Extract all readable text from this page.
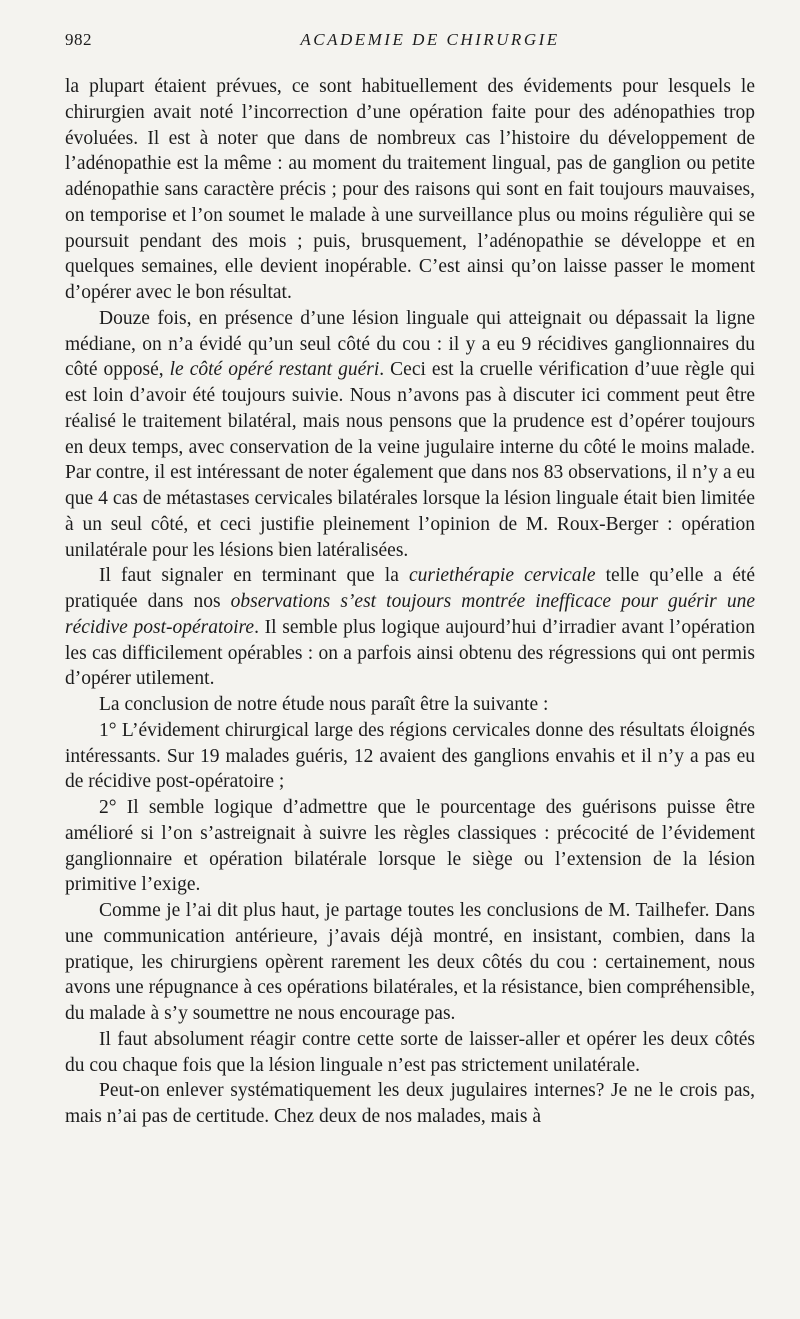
982	ACADEMIE DE CHIRURGIE

la plupart étaient prévues, ce sont habituellement des évidements pour lesquels le chirurgien avait noté l’incorrection d’une opération faite pour des adénopathies trop évoluées. Il est à noter que dans de nombreux cas l’histoire du développement de l’adénopathie est la même : au moment du traitement lingual, pas de ganglion ou petite adénopathie sans caractère précis ; pour des raisons qui sont en fait toujours mauvaises, on temporise et l’on soumet le malade à une surveillance plus ou moins régulière qui se poursuit pendant des mois ; puis, brusquement, l’adénopathie se développe et en quelques semaines, elle devient inopérable. C’est ainsi qu’on laisse passer le moment d’opérer avec le bon résultat.

Douze fois, en présence d’une lésion linguale qui atteignait ou dépassait la ligne médiane, on n’a évidé qu’un seul côté du cou : il y a eu 9 récidives ganglionnaires du côté opposé, le côté opéré restant guéri. Ceci est la cruelle vérification d’uue règle qui est loin d’avoir été toujours suivie. Nous n’avons pas à discuter ici comment peut être réalisé le traitement bilatéral, mais nous pensons que la prudence est d’opérer toujours en deux temps, avec conservation de la veine jugulaire interne du côté le moins malade. Par contre, il est intéressant de noter également que dans nos 83 observations, il n’y a eu que 4 cas de métastases cervicales bilatérales lorsque la lésion linguale était bien limitée à un seul côté, et ceci justifie pleinement l’opinion de M. Roux-Berger : opération unilatérale pour les lésions bien latéralisées.

Il faut signaler en terminant que la curiethérapie cervicale telle qu’elle a été pratiquée dans nos observations s’est toujours montrée inefficace pour guérir une récidive post-opératoire. Il semble plus logique aujourd’hui d’irradier avant l’opération les cas difficilement opérables : on a parfois ainsi obtenu des régressions qui ont permis d’opérer utilement.

La conclusion de notre étude nous paraît être la suivante :

1° L’évidement chirurgical large des régions cervicales donne des résultats éloignés intéressants. Sur 19 malades guéris, 12 avaient des ganglions envahis et il n’y a pas eu de récidive post-opératoire ;

2° Il semble logique d’admettre que le pourcentage des guérisons puisse être amélioré si l’on s’astreignait à suivre les règles classiques : précocité de l’évidement ganglionnaire et opération bilatérale lorsque le siège ou l’extension de la lésion primitive l’exige.

Comme je l’ai dit plus haut, je partage toutes les conclusions de M. Tailhefer. Dans une communication antérieure, j’avais déjà montré, en insistant, combien, dans la pratique, les chirurgiens opèrent rarement les deux côtés du cou : certainement, nous avons une répugnance à ces opérations bilatérales, et la résistance, bien compréhensible, du malade à s’y soumettre ne nous encourage pas.

Il faut absolument réagir contre cette sorte de laisser-aller et opérer les deux côtés du cou chaque fois que la lésion linguale n’est pas strictement unilatérale.

Peut-on enlever systématiquement les deux jugulaires internes? Je ne le crois pas, mais n’ai pas de certitude. Chez deux de nos malades, mais à
